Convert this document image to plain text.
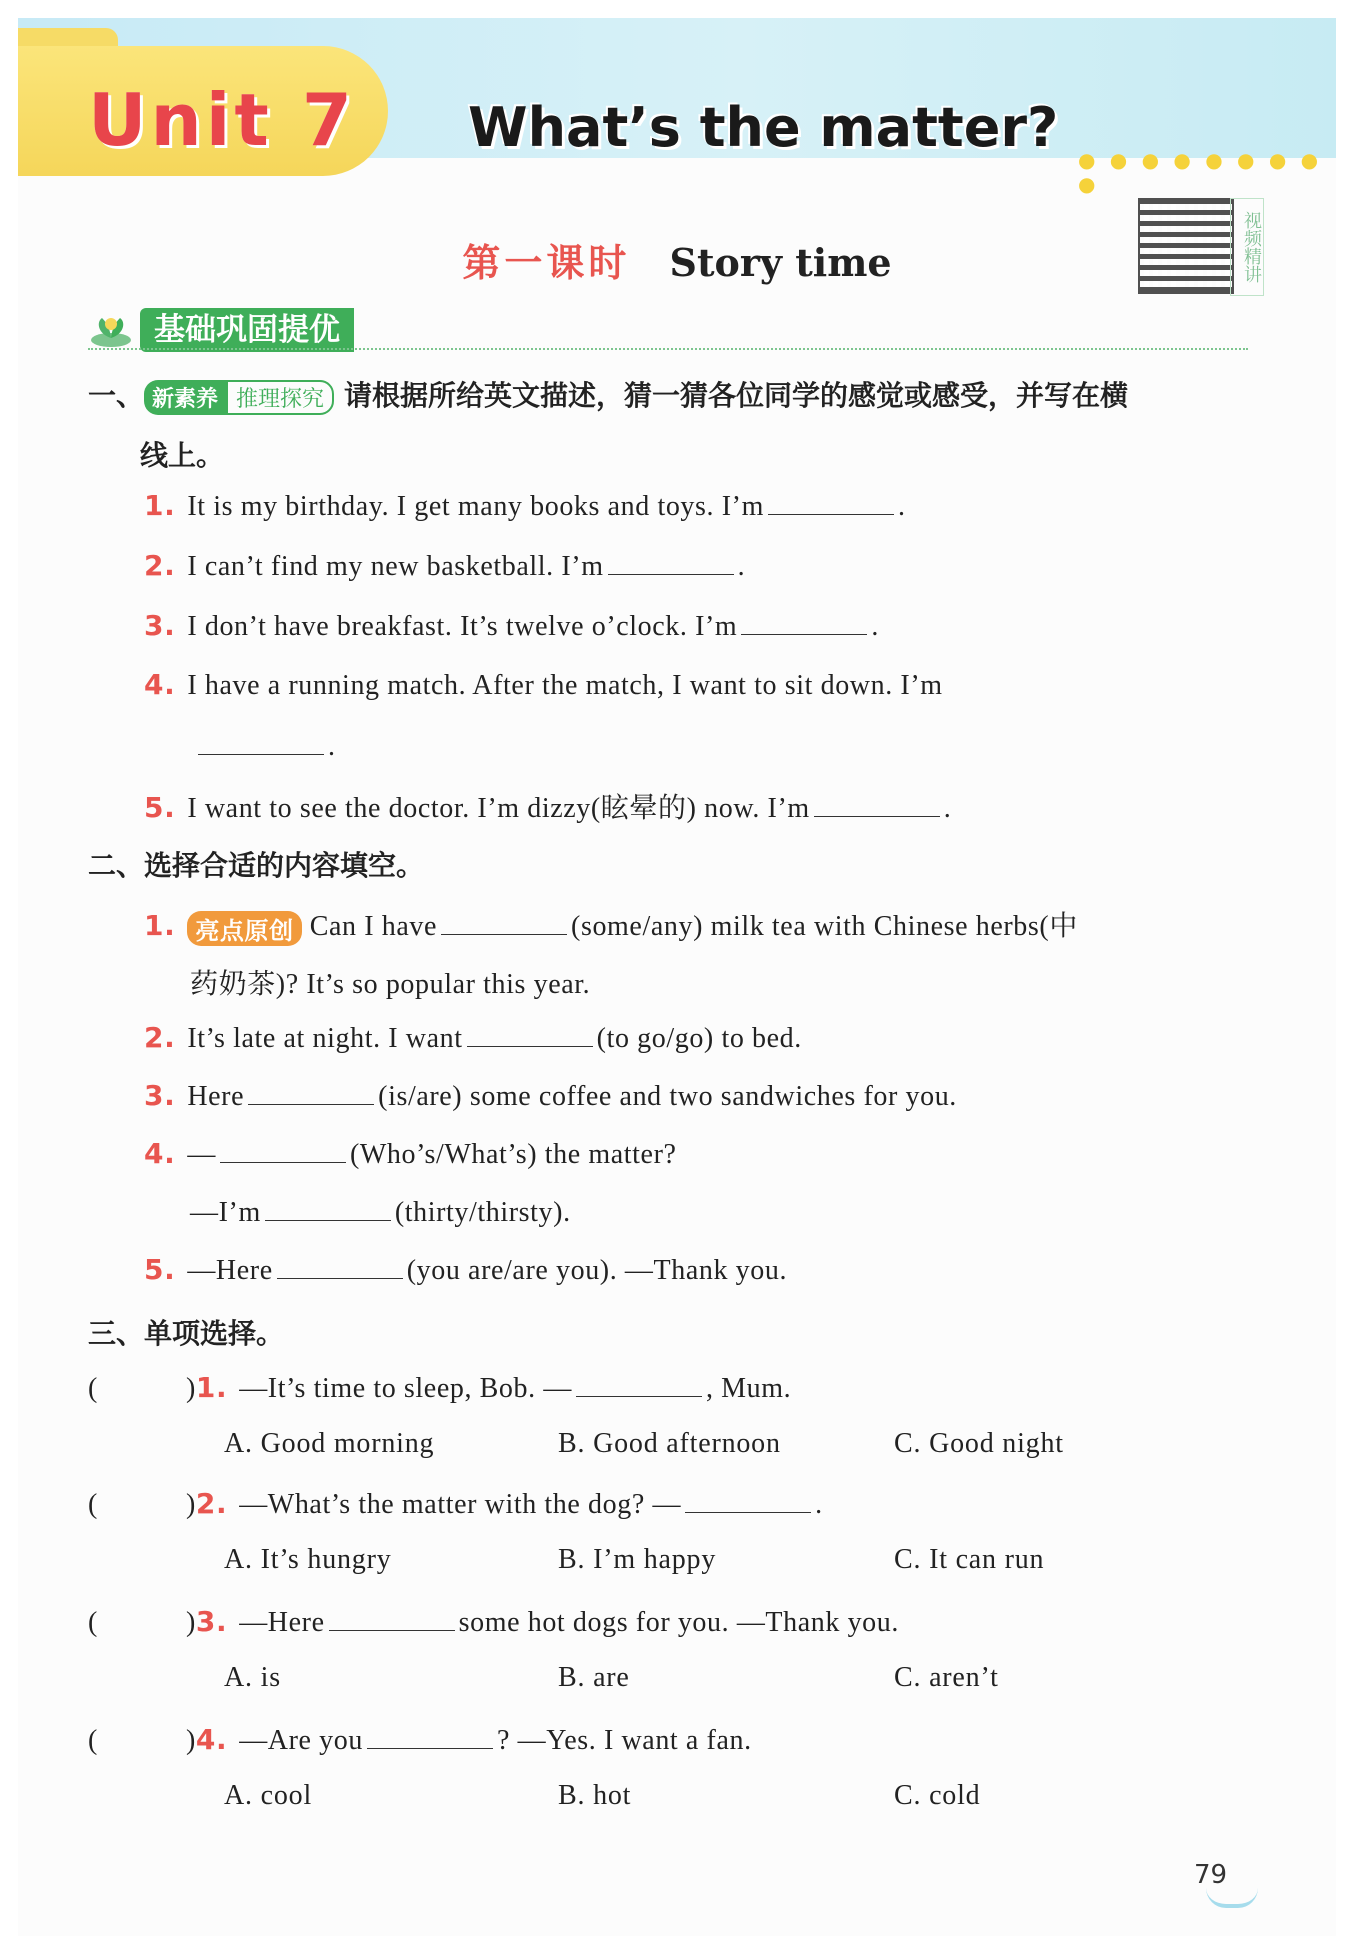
Unit 7 What’s the matter?
● ● ● ● ● ● ● ● ●
第一课时 Story time	视频精讲
基础巩固提优
一、 新素养 推理探究 请根据所给英文描述，猜一猜各位同学的感觉或感受，并写在横
线上。
1. It is my birthday. I get many books and toys. I’m	.
2. I can’t find my new basketball. I’m	.
3. I don’t have breakfast. It’s twelve o’clock. I’m	.
4. I have a running match. After the match, I want to sit down. I’m
.
5. I want to see the doctor. I’m dizzy(眩晕的) now. I’m	.
二、选择合适的内容填空。
1. 亮点原创 Can I have	(some/any) milk tea with Chinese herbs(中
药奶茶)? It’s so popular this year.
2. It’s late at night. I want	(to go/go) to bed.
3. Here	(is/are) some coffee and two sandwiches for you.
4. —	(Who’s/What’s) the matter?
—I’m	(thirty/thirsty).
5. —Here	(you are/are you). —Thank you.
三、单项选择。
(	)1. —It’s time to sleep, Bob. —	, Mum.
A. Good morning	B. Good afternoon	C. Good night
(	)2. —What’s the matter with the dog? —	.
A. It’s hungry	B. I’m happy	C. It can run
(	)3. —Here	some hot dogs for you. —Thank you.
A. is	B. are	C. aren’t
(	)4. —Are you	? —Yes. I want a fan.
A. cool	B. hot	C. cold
79
